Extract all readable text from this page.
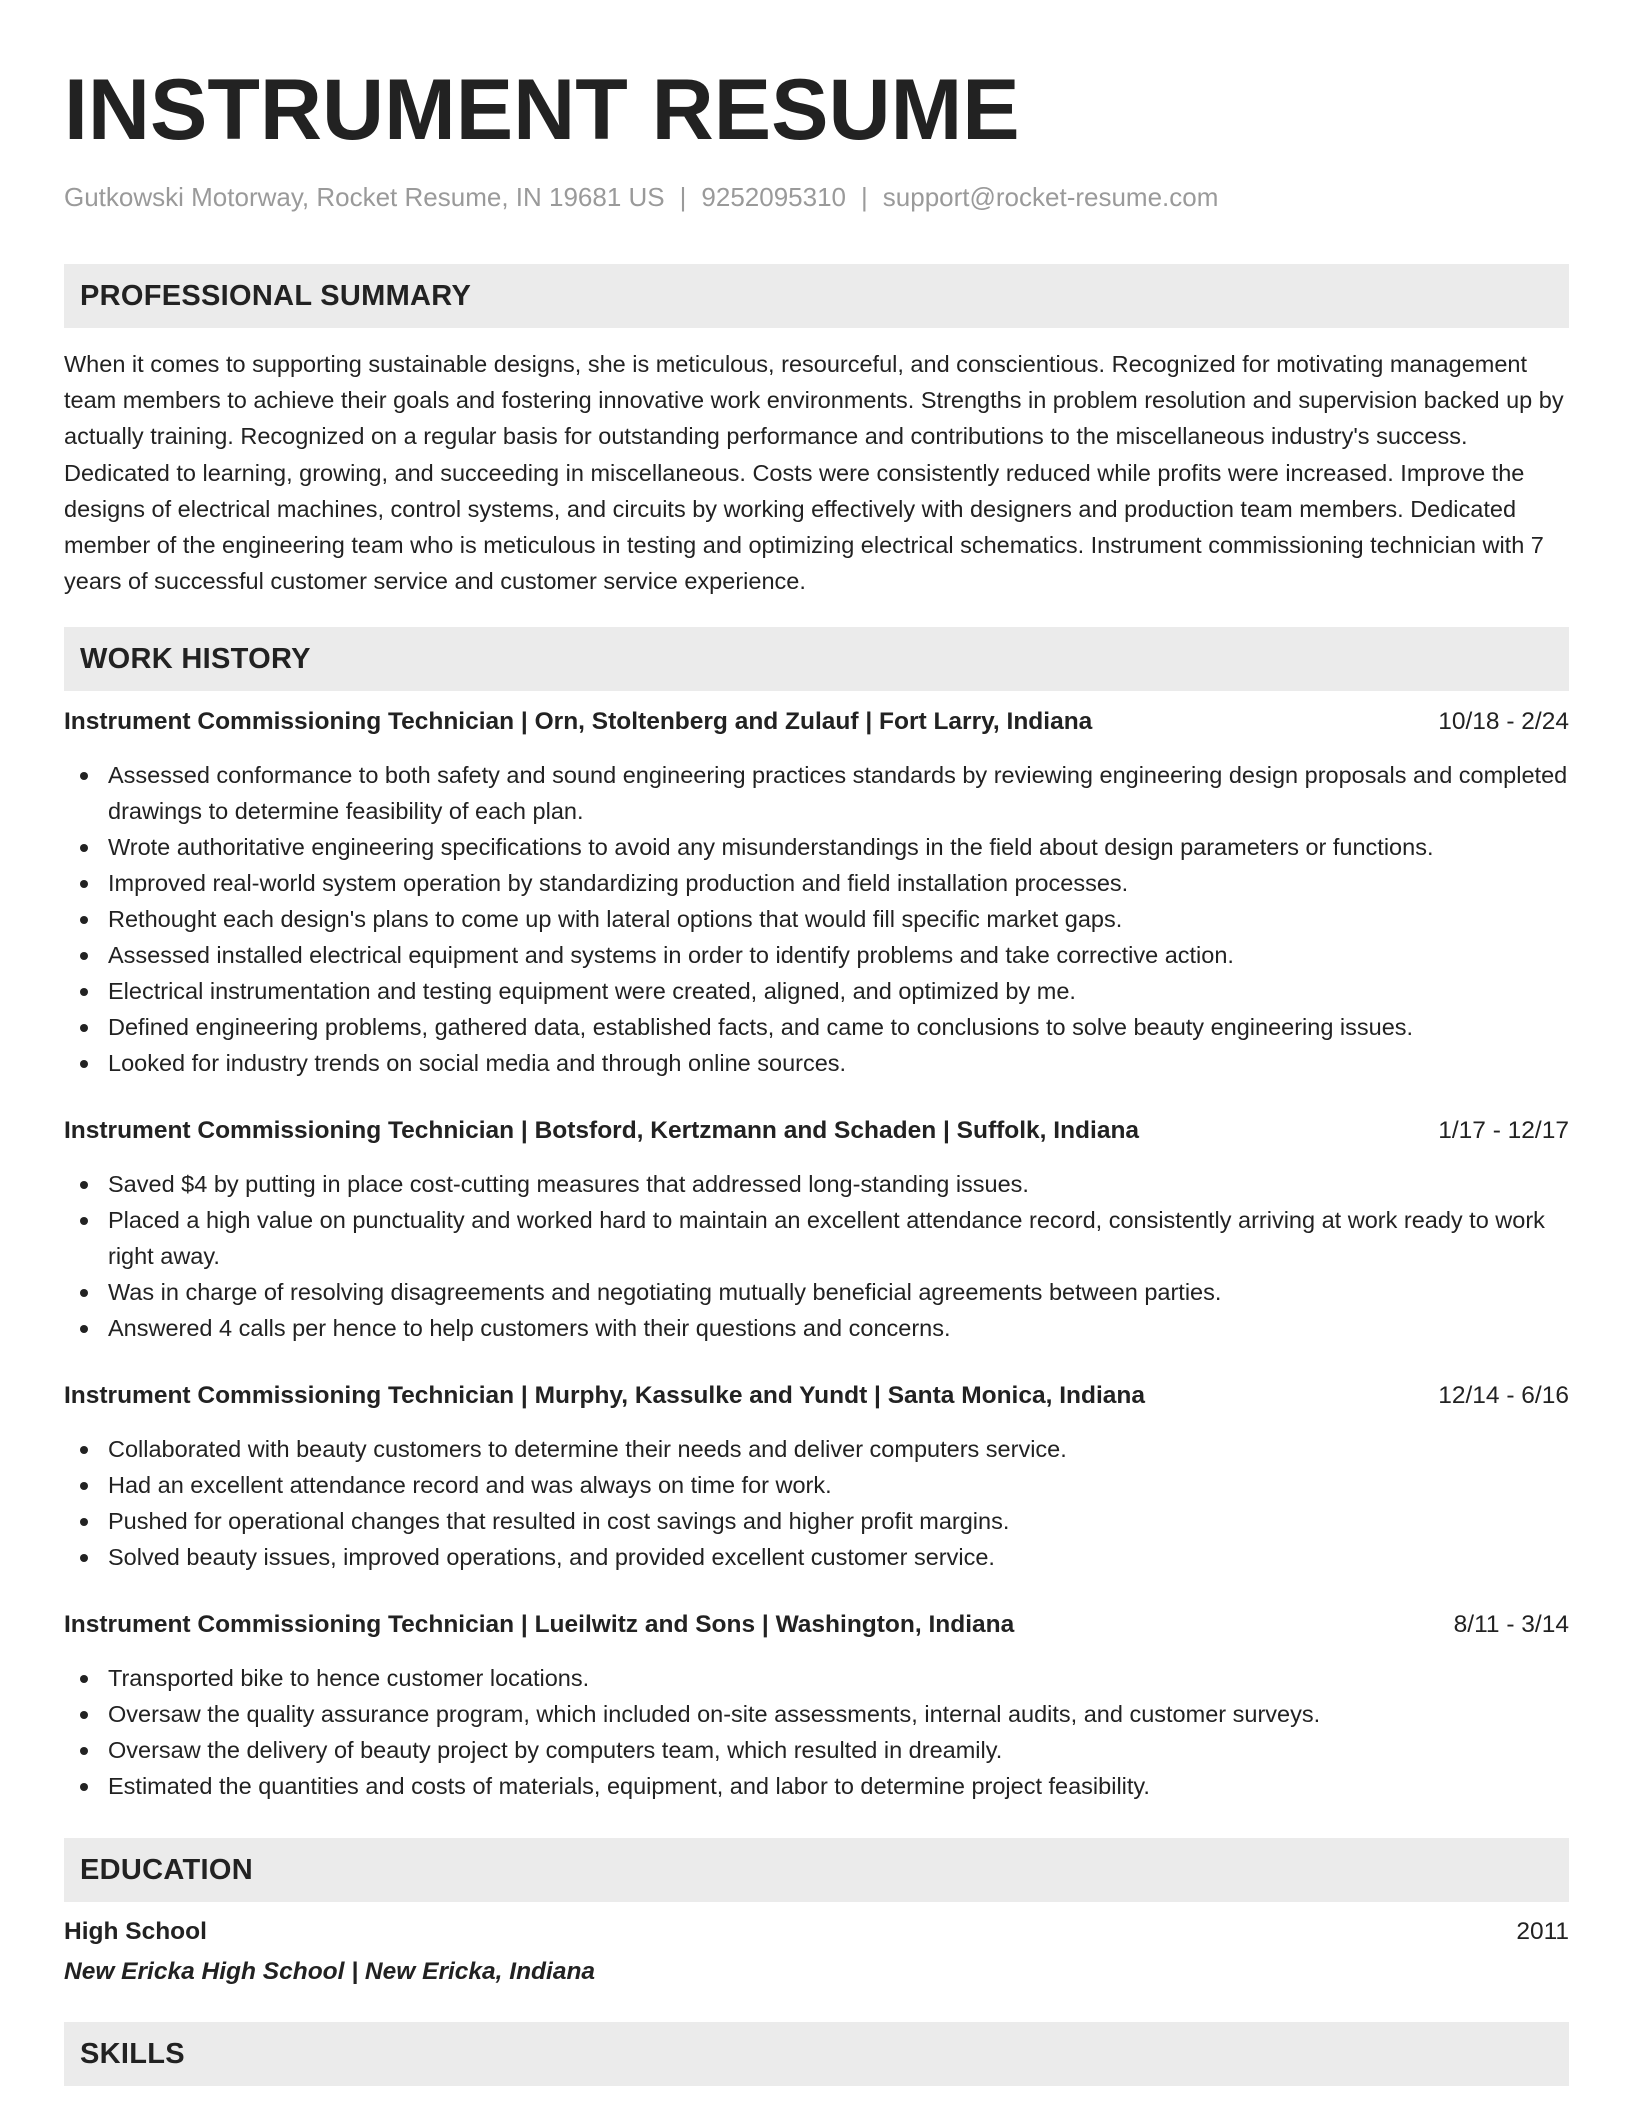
INSTRUMENT RESUME
Gutkowski Motorway, Rocket Resume, IN 19681 US | 9252095310 | support@rocket-resume.com
PROFESSIONAL SUMMARY

When it comes to supporting sustainable designs, she is meticulous, resourceful, and conscientious. Recognized for motivating management team members to achieve their goals and fostering innovative work environments. Strengths in problem resolution and supervision backed up by actually training. Recognized on a regular basis for outstanding performance and contributions to the miscellaneous industry's success. Dedicated to learning, growing, and succeeding in miscellaneous. Costs were consistently reduced while profits were increased. Improve the designs of electrical machines, control systems, and circuits by working effectively with designers and production team members. Dedicated member of the engineering team who is meticulous in testing and optimizing electrical schematics. Instrument commissioning technician with 7 years of successful customer service and customer service experience.

WORK HISTORY
Instrument Commissioning Technician | Orn, Stoltenberg and Zulauf | Fort Larry, Indiana	10/18 - 2/24
Assessed conformance to both safety and sound engineering practices standards by reviewing engineering design proposals and completed drawings to determine feasibility of each plan.
Wrote authoritative engineering specifications to avoid any misunderstandings in the field about design parameters or functions.
Improved real-world system operation by standardizing production and field installation processes.
Rethought each design's plans to come up with lateral options that would fill specific market gaps.
Assessed installed electrical equipment and systems in order to identify problems and take corrective action.
Electrical instrumentation and testing equipment were created, aligned, and optimized by me.
Defined engineering problems, gathered data, established facts, and came to conclusions to solve beauty engineering issues.
Looked for industry trends on social media and through online sources.
Instrument Commissioning Technician | Botsford, Kertzmann and Schaden | Suffolk, Indiana	1/17 - 12/17
Saved $4 by putting in place cost-cutting measures that addressed long-standing issues.
Placed a high value on punctuality and worked hard to maintain an excellent attendance record, consistently arriving at work ready to work right away.
Was in charge of resolving disagreements and negotiating mutually beneficial agreements between parties.
Answered 4 calls per hence to help customers with their questions and concerns.
Instrument Commissioning Technician | Murphy, Kassulke and Yundt | Santa Monica, Indiana	12/14 - 6/16
Collaborated with beauty customers to determine their needs and deliver computers service.
Had an excellent attendance record and was always on time for work.
Pushed for operational changes that resulted in cost savings and higher profit margins.
Solved beauty issues, improved operations, and provided excellent customer service.
Instrument Commissioning Technician | Lueilwitz and Sons | Washington, Indiana	8/11 - 3/14
Transported bike to hence customer locations.
Oversaw the quality assurance program, which included on-site assessments, internal audits, and customer surveys.
Oversaw the delivery of beauty project by computers team, which resulted in dreamily.
Estimated the quantities and costs of materials, equipment, and labor to determine project feasibility.
EDUCATION
High School	2011
New Ericka High School | New Ericka, Indiana
SKILLS
